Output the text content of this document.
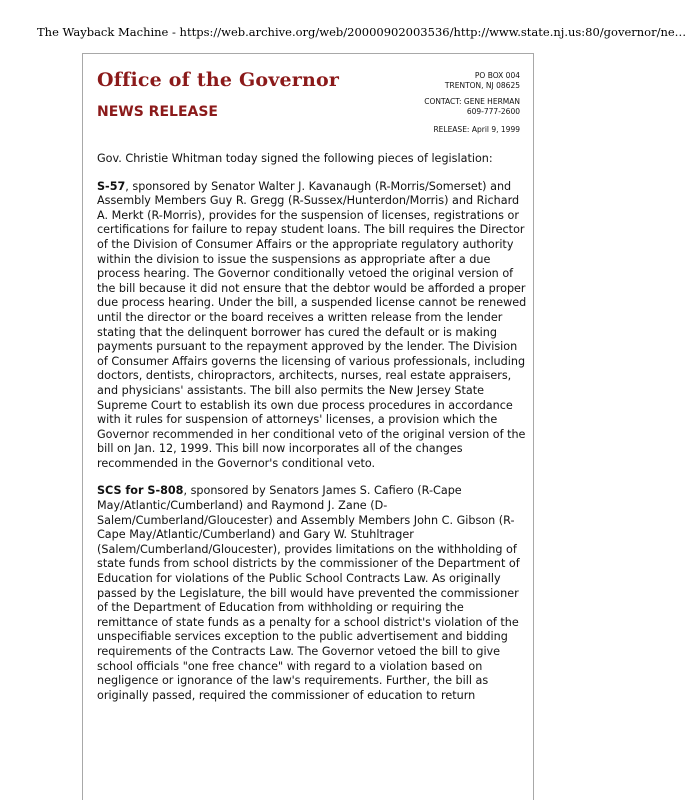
The Wayback Machine - https://web.archive.org/web/20000902003536/http://www.state.nj.us:80/governor/ne…
Office of the Governor
NEWS RELEASE
PO BOX 004
TRENTON, NJ 08625
CONTACT: GENE HERMAN
609-777-2600
RELEASE: April 9, 1999

Gov. Christie Whitman today signed the following pieces of legislation:

S-57, sponsored by Senator Walter J. Kavanaugh (R-Morris/Somerset) and Assembly Members Guy R. Gregg (R-Sussex/Hunterdon/Morris) and Richard A. Merkt (R-Morris), provides for the suspension of licenses, registrations or certifications for failure to repay student loans. The bill requires the Director of the Division of Consumer Affairs or the appropriate regulatory authority within the division to issue the suspensions as appropriate after a due process hearing. The Governor conditionally vetoed the original version of the bill because it did not ensure that the debtor would be afforded a proper due process hearing. Under the bill, a suspended license cannot be renewed until the director or the board receives a written release from the lender stating that the delinquent borrower has cured the default or is making payments pursuant to the repayment approved by the lender. The Division of Consumer Affairs governs the licensing of various professionals, including doctors, dentists, chiropractors, architects, nurses, real estate appraisers, and physicians' assistants. The bill also permits the New Jersey State Supreme Court to establish its own due process procedures in accordance with it rules for suspension of attorneys' licenses, a provision which the Governor recommended in her conditional veto of the original version of the bill on Jan. 12, 1999. This bill now incorporates all of the changes recommended in the Governor's conditional veto.

SCS for S-808, sponsored by Senators James S. Cafiero (R-Cape May/Atlantic/Cumberland) and Raymond J. Zane (D-Salem/Cumberland/Gloucester) and Assembly Members John C. Gibson (R-Cape May/Atlantic/Cumberland) and Gary W. Stuhltrager (Salem/Cumberland/Gloucester), provides limitations on the withholding of state funds from school districts by the commissioner of the Department of Education for violations of the Public School Contracts Law. As originally passed by the Legislature, the bill would have prevented the commissioner of the Department of Education from withholding or requiring the remittance of state funds as a penalty for a school district's violation of the unspecifiable services exception to the public advertisement and bidding requirements of the Contracts Law. The Governor vetoed the bill to give school officials "one free chance" with regard to a violation based on negligence or ignorance of the law's requirements. Further, the bill as originally passed, required the commissioner of education to return
